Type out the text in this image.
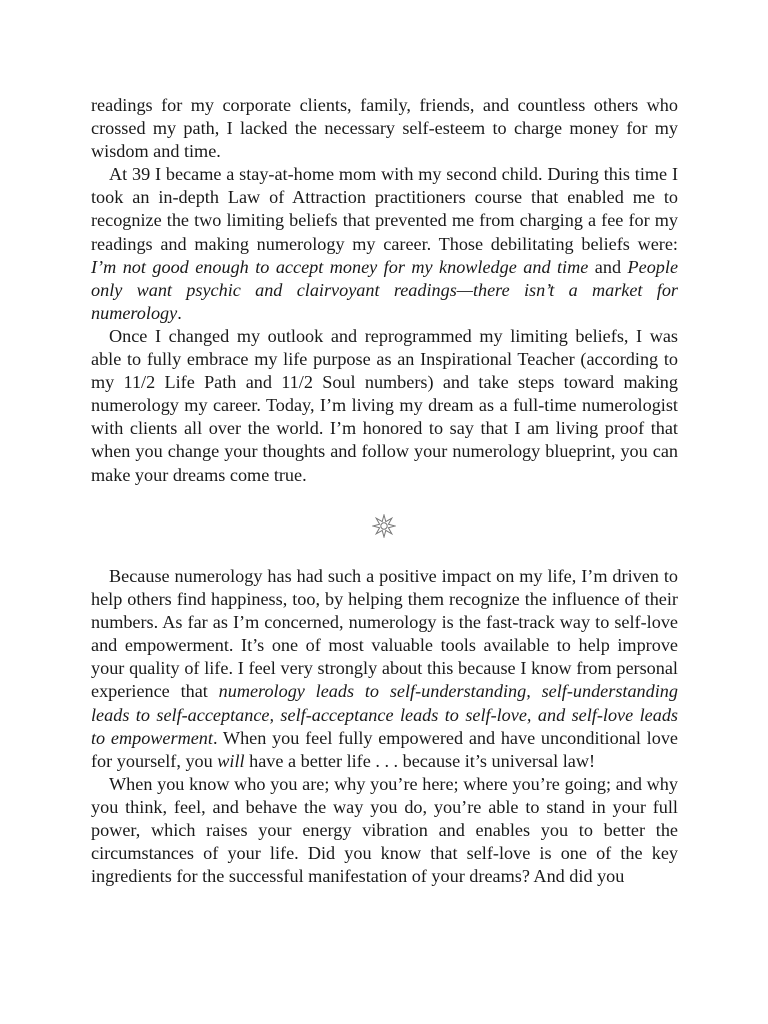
readings for my corporate clients, family, friends, and countless others who crossed my path, I lacked the necessary self-esteem to charge money for my wisdom and time.

At 39 I became a stay-at-home mom with my second child. During this time I took an in-depth Law of Attraction practitioners course that enabled me to recognize the two limiting beliefs that prevented me from charging a fee for my readings and making numerology my career. Those debilitating beliefs were: I’m not good enough to accept money for my knowledge and time and People only want psychic and clairvoyant readings—there isn’t a market for numerology.

Once I changed my outlook and reprogrammed my limiting beliefs, I was able to fully embrace my life purpose as an Inspirational Teacher (according to my 11/2 Life Path and 11/2 Soul numbers) and take steps toward making numerology my career. Today, I’m living my dream as a full-time numerologist with clients all over the world. I’m honored to say that I am living proof that when you change your thoughts and follow your numerology blueprint, you can make your dreams come true.

Because numerology has had such a positive impact on my life, I’m driven to help others find happiness, too, by helping them recognize the influence of their numbers. As far as I’m concerned, numerology is the fast-track way to self-love and empowerment. It’s one of most valuable tools available to help improve your quality of life. I feel very strongly about this because I know from personal experience that numerology leads to self-understanding, self-understanding leads to self-acceptance, self-acceptance leads to self-love, and self-love leads to empowerment. When you feel fully empowered and have unconditional love for yourself, you will have a better life . . . because it’s universal law!

When you know who you are; why you’re here; where you’re going; and why you think, feel, and behave the way you do, you’re able to stand in your full power, which raises your energy vibration and enables you to better the circumstances of your life. Did you know that self-love is one of the key ingredients for the successful manifestation of your dreams? And did you
